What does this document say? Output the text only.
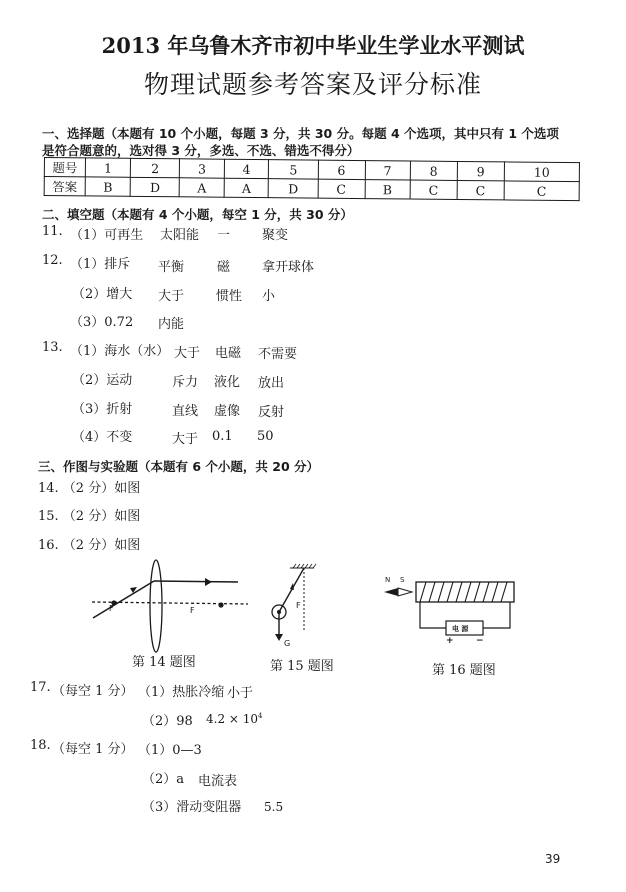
2013 年乌鲁木齐市初中毕业生学业水平测试
物理试题参考答案及评分标准
一、选择题（本题有 10 个小题，每题 3 分，共 30 分。每题 4 个选项，其中只有 1 个选项
是符合题意的，选对得 3 分，多选、不选、错选不得分）
题号	1	2	3	4	5	6	7	8	9	10
答案	B	D	A	A	D	C	B	C	C	C
二、填空题（本题有 4 个小题，每空 1 分，共 30 分）
11. （1）可再生 太阳能 一 聚变
12. （1）排斥 平衡	磁 拿开球体
（2）增大 大于 惯性 小
（3）0.72 内能
13. （1）海水（水） 大于 电磁 不需要
（2）运动	斥力 液化 放出
（3）折射	直线 虚像 反射
（4）不变	大于 0.1 50
三、作图与实验题（本题有 6 个小题，共 20 分）
14. （2 分）如图
15. （2 分）如图
16. （2 分）如图
F	F
第 14 题图
F
G
第 15 题图
N S
电 源
+ −
第 16 题图
17. （每空 1 分） （1）热胀冷缩 小于
（2）98 $4.2 \times 10^4$
18. （每空 1 分） （1）0—3
（2）a 电流表
（3）滑动变阻器 5.5
39
